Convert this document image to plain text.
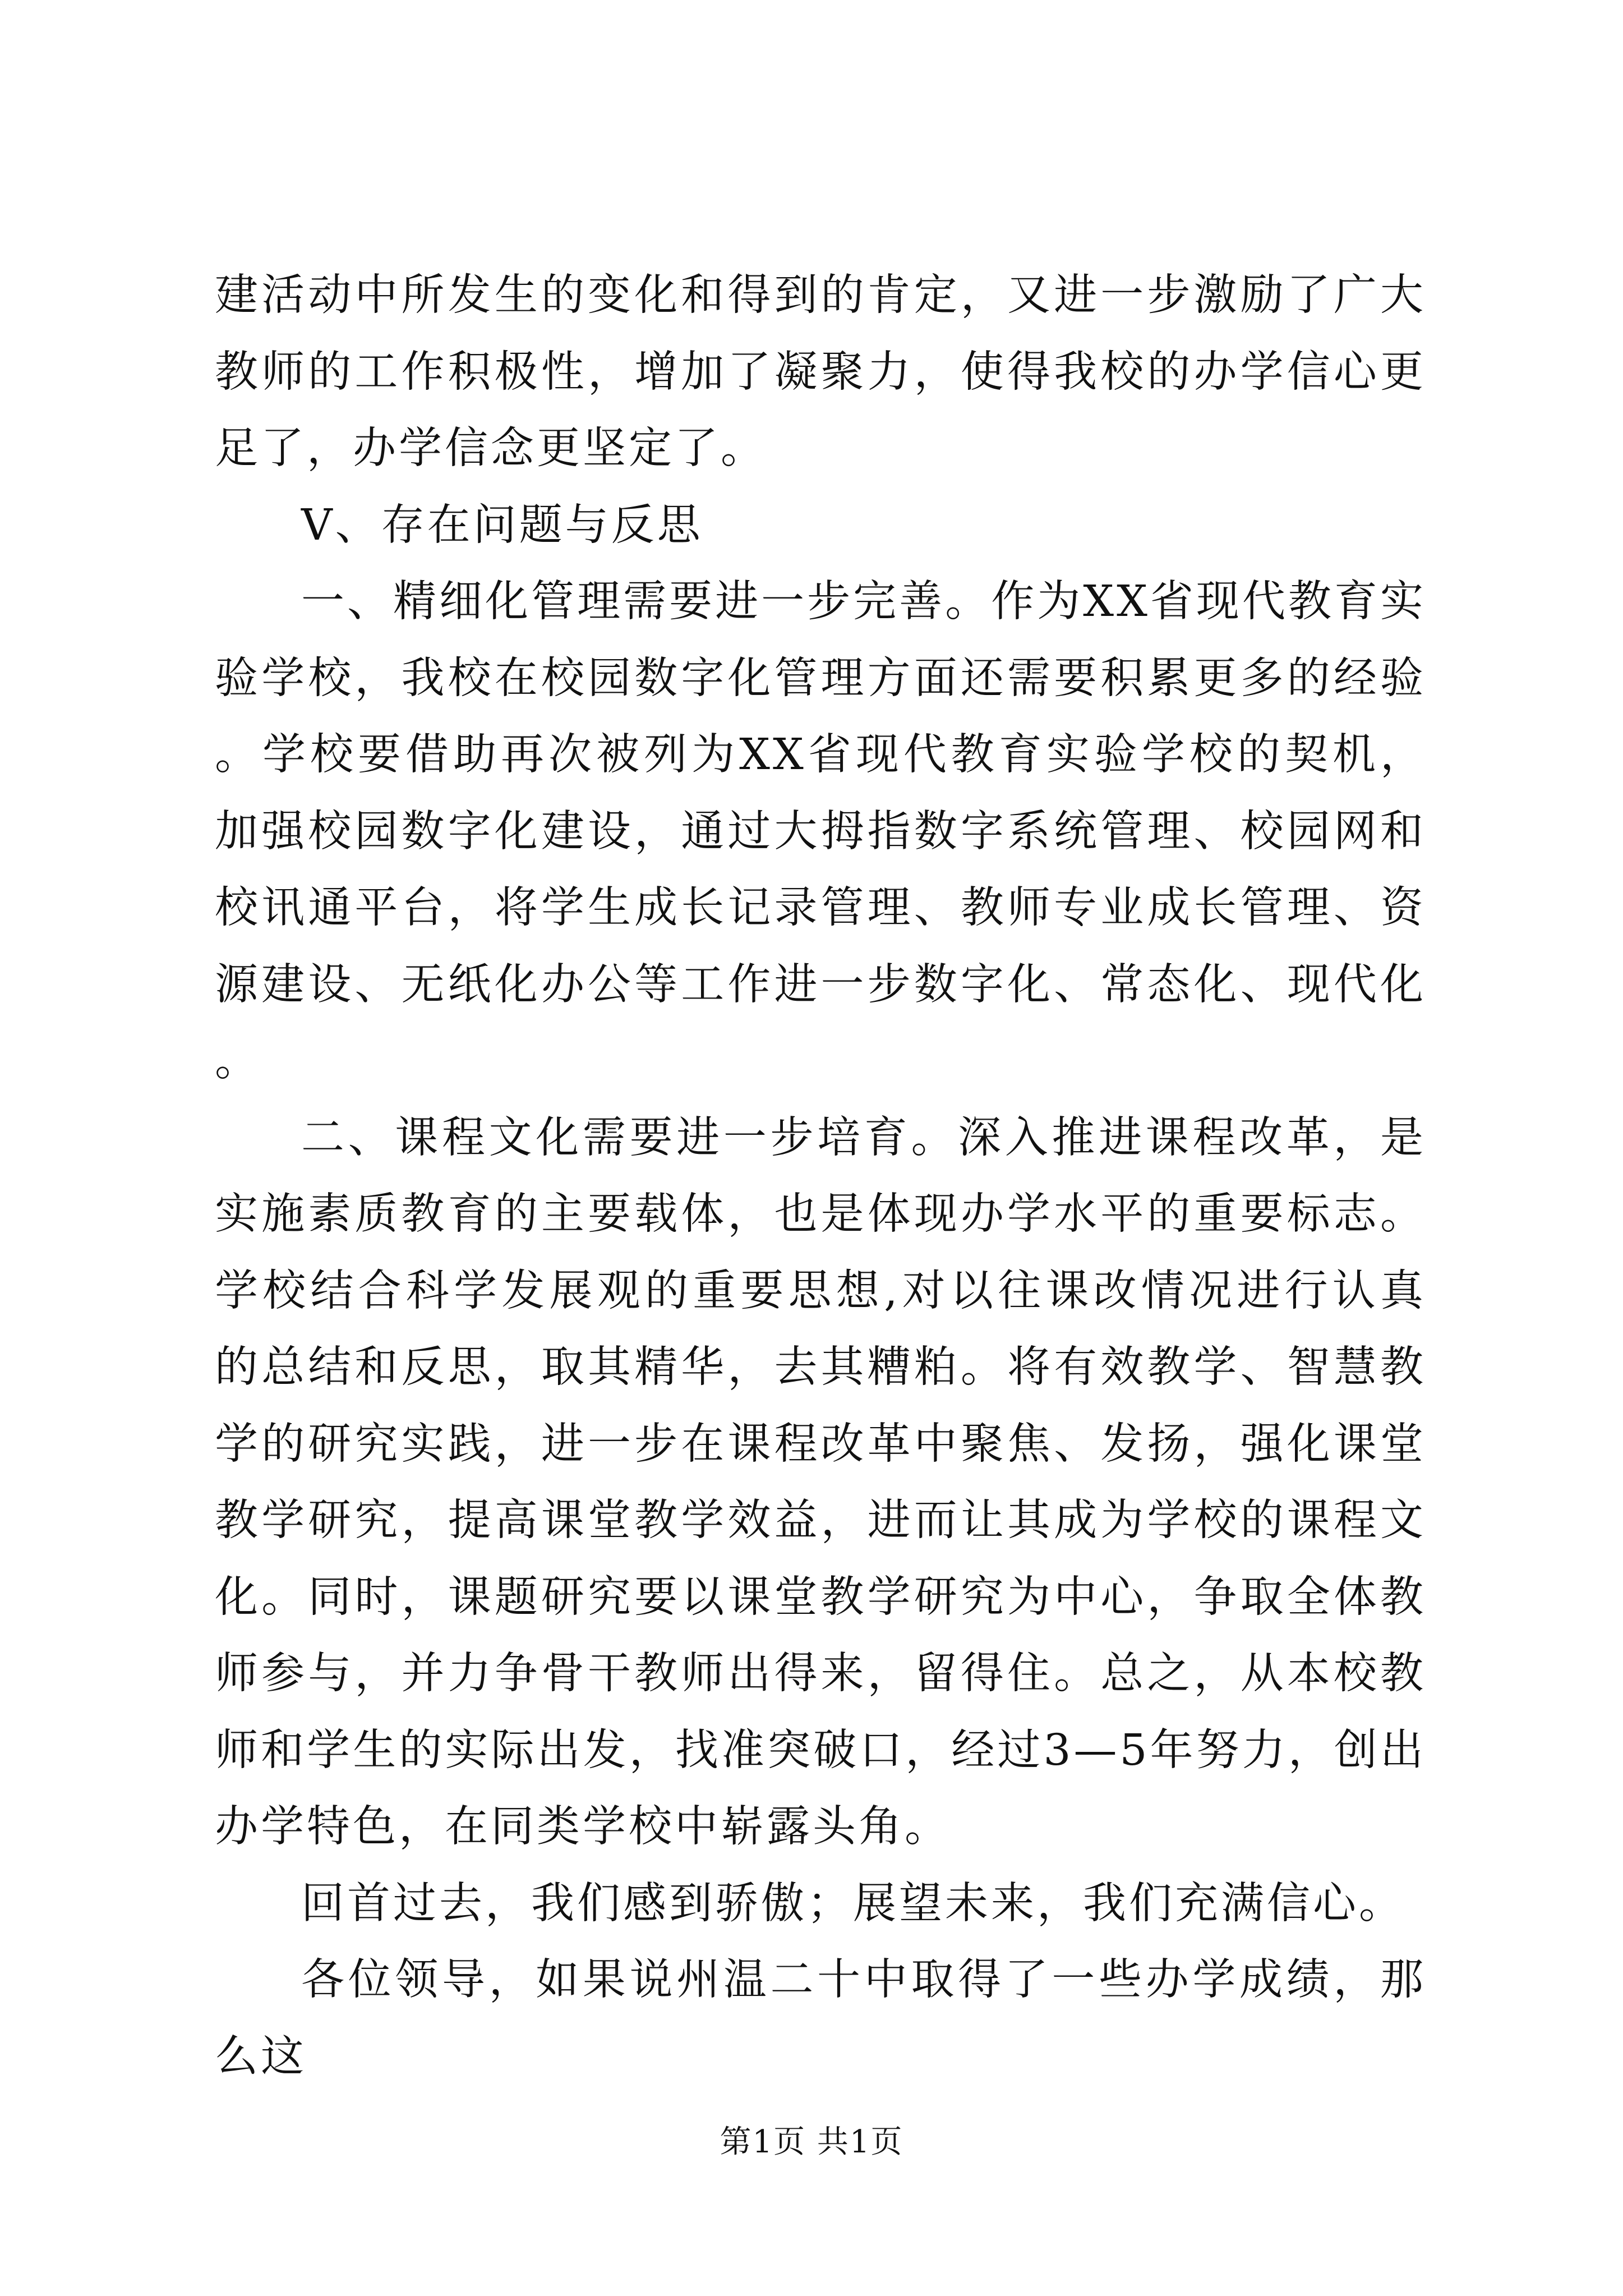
建活动中所发生的变化和得到的肯定，又进一步激励了广大教师的工作积极性，增加了凝聚力，使得我校的办学信心更足了，办学信念更坚定了。

Ⅴ、存在问题与反思

一、精细化管理需要进一步完善。作为XX省现代教育实验学校，我校在校园数字化管理方面还需要积累更多的经验。学校要借助再次被列为XX省现代教育实验学校的契机，加强校园数字化建设，通过大拇指数字系统管理、校园网和校讯通平台，将学生成长记录管理、教师专业成长管理、资源建设、无纸化办公等工作进一步数字化、常态化、现代化。

二、课程文化需要进一步培育。深入推进课程改革，是实施素质教育的主要载体，也是体现办学水平的重要标志。学校结合科学发展观的重要思想,对以往课改情况进行认真的总结和反思，取其精华，去其糟粕。将有效教学、智慧教学的研究实践，进一步在课程改革中聚焦、发扬，强化课堂教学研究，提高课堂教学效益，进而让其成为学校的课程文化。同时，课题研究要以课堂教学研究为中心，争取全体教师参与，并力争骨干教师出得来，留得住。总之，从本校教师和学生的实际出发，找准突破口，经过3—5年努力，创出办学特色，在同类学校中崭露头角。

回首过去，我们感到骄傲；展望未来，我们充满信心。

各位领导，如果说州温二十中取得了一些办学成绩，那么这

第1页 共1页
